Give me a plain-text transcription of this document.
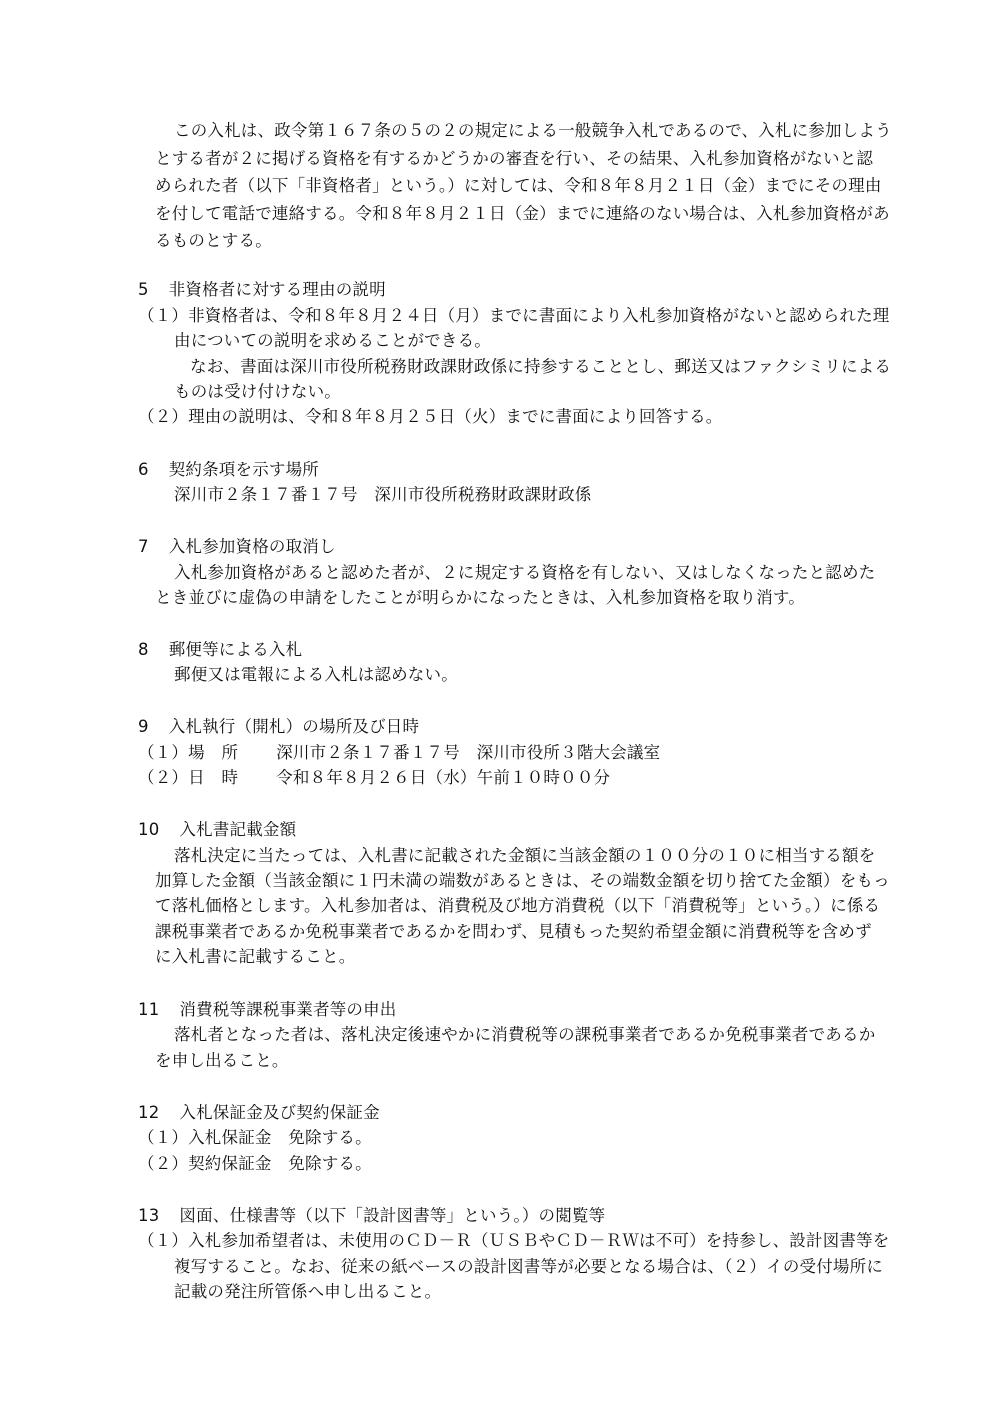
この入札は、政令第１６７条の５の２の規定による一般競争入札であるので、入札に参加しよう
とする者が２に掲げる資格を有するかどうかの審査を行い、その結果、入札参加資格がないと認
められた者（以下「非資格者」という。）に対しては、令和８年８月２１日（金）までにその理由
を付して電話で連絡する。令和８年８月２１日（金）までに連絡のない場合は、入札参加資格があ
るものとする。
5 非資格者に対する理由の説明
（１）非資格者は、令和８年８月２４日（月）までに書面により入札参加資格がないと認められた理
由についての説明を求めることができる。
なお、書面は深川市役所税務財政課財政係に持参することとし、郵送又はファクシミリによる
ものは受け付けない。
（２）理由の説明は、令和８年８月２５日（火）までに書面により回答する。
6 契約条項を示す場所
深川市２条１７番１７号　深川市役所税務財政課財政係
7 入札参加資格の取消し
入札参加資格があると認めた者が、２に規定する資格を有しない、又はしなくなったと認めた
とき並びに虚偽の申請をしたことが明らかになったときは、入札参加資格を取り消す。
8 郵便等による入札
郵便又は電報による入札は認めない。
9 入札執行（開札）の場所及び日時
（１）場　所 深川市２条１７番１７号　深川市役所３階大会議室
（２）日　時 令和８年８月２６日（水）午前１０時００分
10 入札書記載金額
落札決定に当たっては、入札書に記載された金額に当該金額の１００分の１０に相当する額を
加算した金額（当該金額に１円未満の端数があるときは、その端数金額を切り捨てた金額）をもっ
て落札価格とします。入札参加者は、消費税及び地方消費税（以下「消費税等」という。）に係る
課税事業者であるか免税事業者であるかを問わず、見積もった契約希望金額に消費税等を含めず
に入札書に記載すること。
11 消費税等課税事業者等の申出
落札者となった者は、落札決定後速やかに消費税等の課税事業者であるか免税事業者であるか
を申し出ること。
12 入札保証金及び契約保証金
（１）入札保証金　免除する。
（２）契約保証金　免除する。
13 図面、仕様書等（以下「設計図書等」という。）の閲覧等
（１）入札参加希望者は、未使用のＣＤ－Ｒ（ＵＳＢやＣＤ－ＲＷは不可）を持参し、設計図書等を
複写すること。なお、従来の紙ベースの設計図書等が必要となる場合は、（２）イの受付場所に
記載の発注所管係へ申し出ること。
